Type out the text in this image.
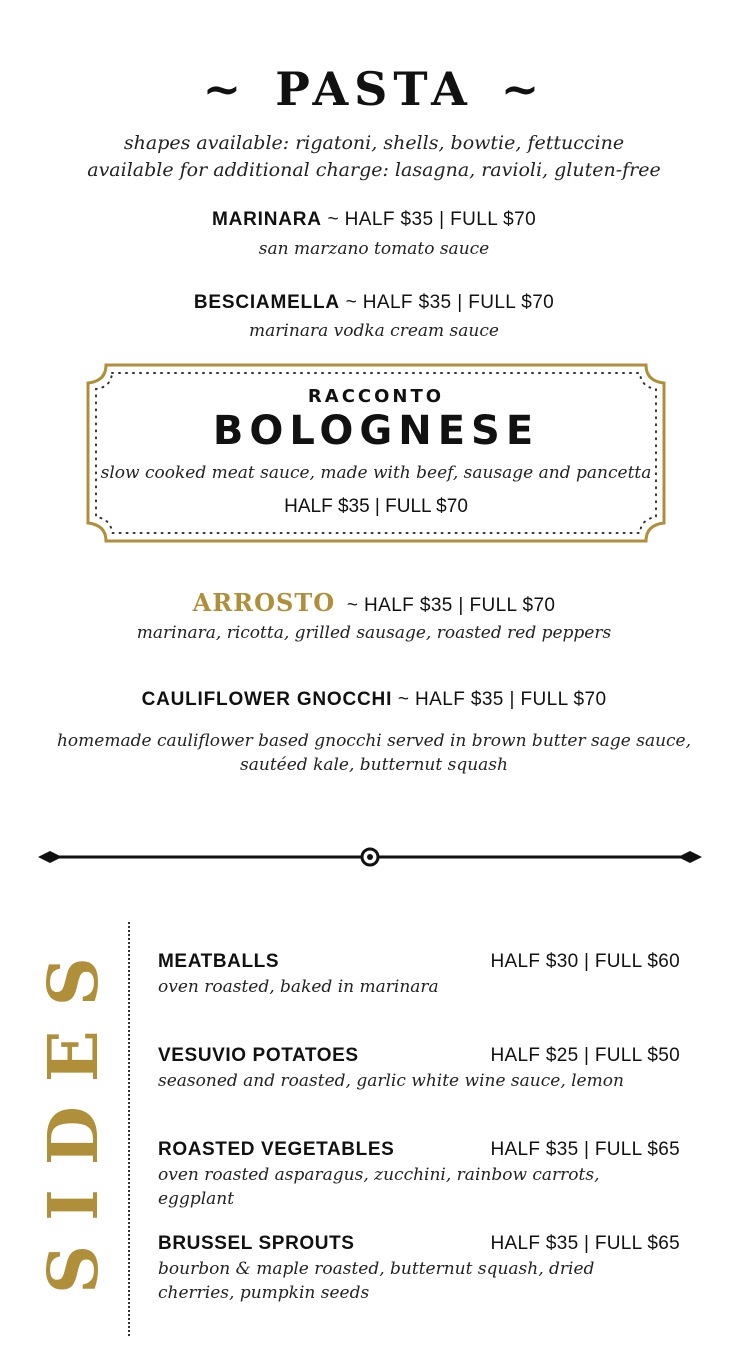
~ PASTA ~
shapes available: rigatoni, shells, bowtie, fettuccine
available for additional charge: lasagna, ravioli, gluten-free
MARINARA ~ HALF $35 | FULL $70
san marzano tomato sauce
BESCIAMELLA ~ HALF $35 | FULL $70
marinara vodka cream sauce
RACCONTO
BOLOGNESE
slow cooked meat sauce, made with beef, sausage and pancetta
HALF $35 | FULL $70
ARROSTO ~ HALF $35 | FULL $70
marinara, ricotta, grilled sausage, roasted red peppers
CAULIFLOWER GNOCCHI ~ HALF $35 | FULL $70
homemade cauliflower based gnocchi served in brown butter sage sauce,
sautéed kale, butternut squash
SIDES MEATBALLS	HALF $30 | FULL $60
oven roasted, baked in marinara
VESUVIO POTATOES	HALF $25 | FULL $50
seasoned and roasted, garlic white wine sauce, lemon
ROASTED VEGETABLES	HALF $35 | FULL $65
oven roasted asparagus, zucchini, rainbow carrots, eggplant
BRUSSEL SPROUTS	HALF $35 | FULL $65
bourbon & maple roasted, butternut squash, dried cherries, pumpkin seeds
